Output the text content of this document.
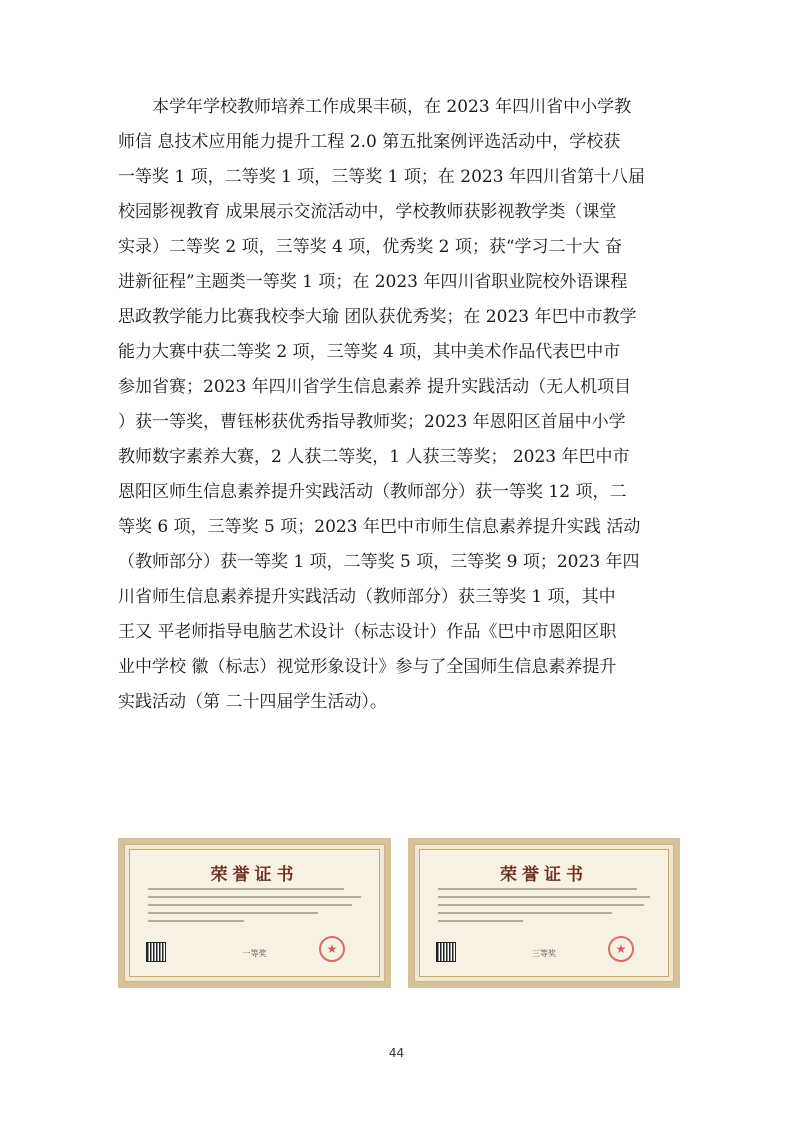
　　本学年学校教师培养工作成果丰硕，在 2023 年四川省中小学教
师信 息技术应用能力提升工程 2.0 第五批案例评选活动中，学校获
一等奖 1 项，二等奖 1 项，三等奖 1 项；在 2023 年四川省第十八届
校园影视教育 成果展示交流活动中，学校教师获影视教学类（课堂
实录）二等奖 2 项，三等奖 4 项，优秀奖 2 项；获“学习二十大 奋
进新征程”主题类一等奖 1 项；在 2023 年四川省职业院校外语课程
思政教学能力比赛我校李大瑜 团队获优秀奖；在 2023 年巴中市教学
能力大赛中获二等奖 2 项，三等奖 4 项，其中美术作品代表巴中市
参加省赛；2023 年四川省学生信息素养 提升实践活动（无人机项目
）获一等奖，曹钰彬获优秀指导教师奖；2023 年恩阳区首届中小学
教师数字素养大赛，2 人获二等奖，1 人获三等奖； 2023 年巴中市
恩阳区师生信息素养提升实践活动（教师部分）获一等奖 12 项，二
等奖 6 项，三等奖 5 项；2023 年巴中市师生信息素养提升实践 活动
（教师部分）获一等奖 1 项，二等奖 5 项，三等奖 9 项；2023 年四
川省师生信息素养提升实践活动（教师部分）获三等奖 1 项，其中
王又 平老师指导电脑艺术设计（标志设计）作品《巴中市恩阳区职
业中学校 徽（标志）视觉形象设计》参与了全国师生信息素养提升
实践活动（第 二十四届学生活动）。
荣誉证书
一等奖	★
荣誉证书
三等奖	★
44
